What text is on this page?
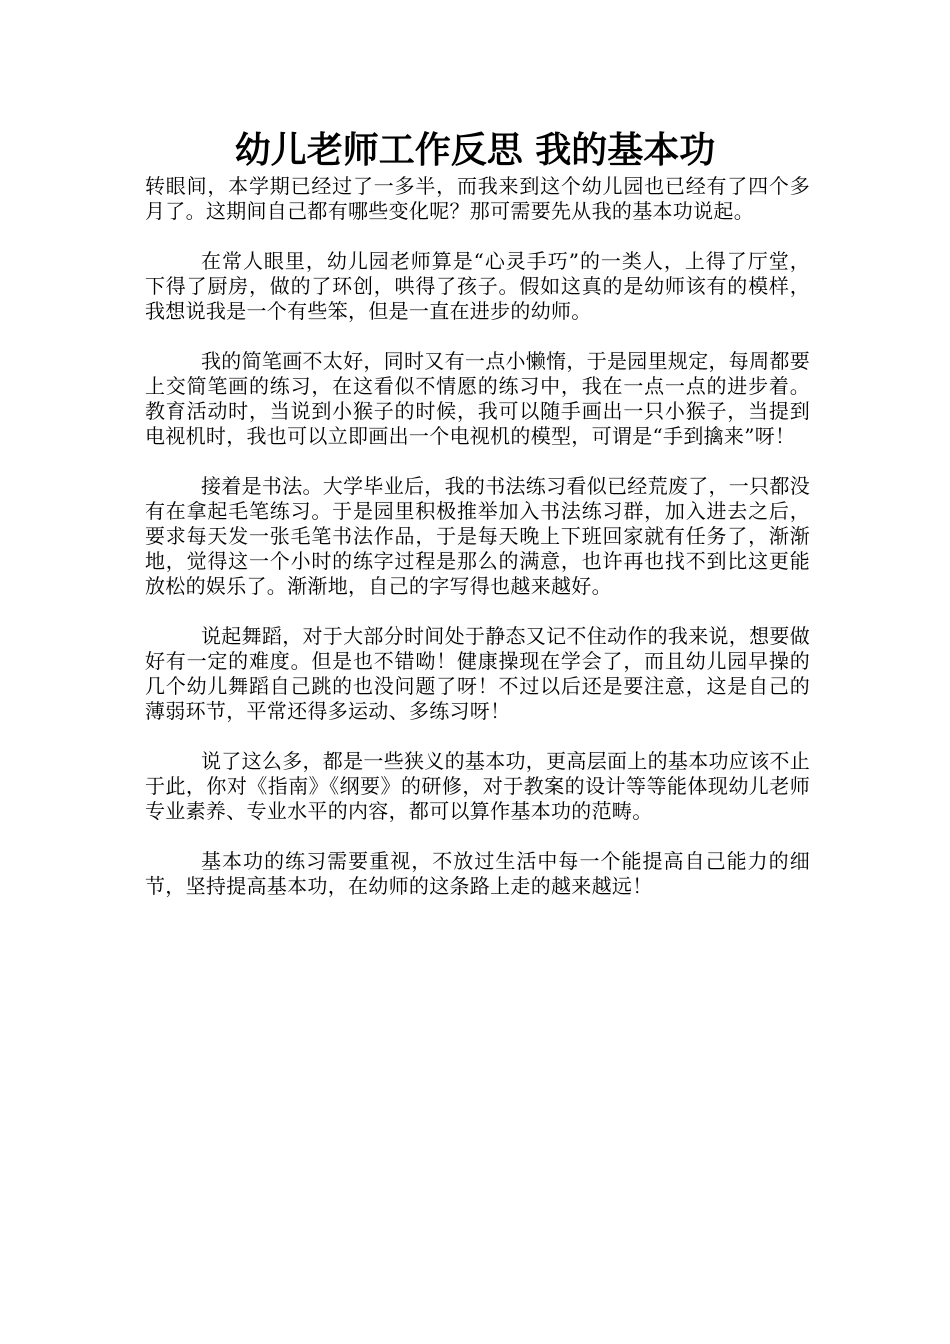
幼儿老师工作反思 我的基本功

转眼间，本学期已经过了一多半，而我来到这个幼儿园也已经有了四个多月了。这期间自己都有哪些变化呢？那可需要先从我的基本功说起。

在常人眼里，幼儿园老师算是“心灵手巧”的一类人，上得了厅堂，下得了厨房，做的了环创，哄得了孩子。假如这真的是幼师该有的模样，我想说我是一个有些笨，但是一直在进步的幼师。

我的简笔画不太好，同时又有一点小懒惰，于是园里规定，每周都要上交简笔画的练习，在这看似不情愿的练习中，我在一点一点的进步着。教育活动时，当说到小猴子的时候，我可以随手画出一只小猴子，当提到电视机时，我也可以立即画出一个电视机的模型，可谓是“手到擒来”呀！

接着是书法。大学毕业后，我的书法练习看似已经荒废了，一只都没有在拿起毛笔练习。于是园里积极推举加入书法练习群，加入进去之后，要求每天发一张毛笔书法作品，于是每天晚上下班回家就有任务了，渐渐地，觉得这一个小时的练字过程是那么的满意，也许再也找不到比这更能放松的娱乐了。渐渐地，自己的字写得也越来越好。

说起舞蹈，对于大部分时间处于静态又记不住动作的我来说，想要做好有一定的难度。但是也不错呦！健康操现在学会了，而且幼儿园早操的几个幼儿舞蹈自己跳的也没问题了呀！不过以后还是要注意，这是自己的薄弱环节，平常还得多运动、多练习呀！

说了这么多，都是一些狭义的基本功，更高层面上的基本功应该不止于此，你对《指南》《纲要》的研修，对于教案的设计等等能体现幼儿老师专业素养、专业水平的内容，都可以算作基本功的范畴。

基本功的练习需要重视，不放过生活中每一个能提高自己能力的细节，坚持提高基本功，在幼师的这条路上走的越来越远！
